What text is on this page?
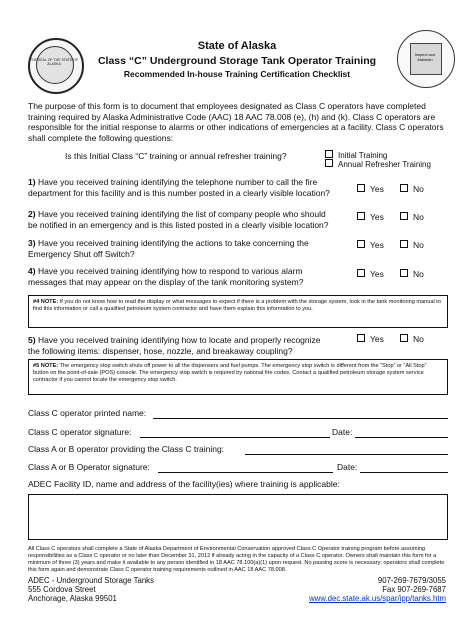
THE SEAL OF THE STATE OF ALASKA
Inspect and Maintain
State of Alaska
Class “C” Underground Storage Tank Operator Training
Recommended In-house Training Certification Checklist
The purpose of this form is to document that employees designated as Class C operators have completed training required by Alaska Administrative Code (AAC) 18 AAC 78.008 (e), (h) and (k). Class C operators are responsible for the initial response to alarms or other indications of emergencies at a facility. Class C operators shall complete the following questions:
Is this Initial Class “C” training or annual refresher training?	Initial Training
Annual Refresher Training
1) Have you received training identifying the telephone number to call the fire department for this facility and is this number posted in a clearly visible location?	Yes	No
2) Have you received training identifying the list of company people who should be notified in an emergency and is this listed posted in a clearly visible location?
Yes	No
3) Have you received training identifying the actions to take concerning the Emergency Shut off Switch?
Yes	No
4) Have you received training identifying how to respond to various alarm messages that may appear on the display of the tank monitoring system?
Yes	No
#4 NOTE: If you do not know how to read the display or what messages to expect if there is a problem with the storage system, look in the tank monitoring manual to find this information or call a qualified petroleum system contractor and have them explain this information to you.
5) Have you received training identifying how to locate and properly recognize the following items: dispenser, hose, nozzle, and breakaway coupling?
Yes	No
#5 NOTE: The emergency stop switch shuts off power to all the dispensers and fuel pumps. The emergency stop switch is different from the “Stop” or “All Stop” button on the point-of-sale (POS) console. The emergency stop switch is required by national fire codes. Contact a qualified petroleum storage system service contractor if you cannot locate the emergency stop switch.
Class C operator printed name:
Class C operator signature:	Date:
Class A or B operator providing the Class C training:
Class A or B Operator signature:	Date:
ADEC Facility ID, name and address of the facility(ies) where training is applicable:
All Class C operators shall complete a State of Alaska Department of Environmental Conservation approved Class C Operator training program before assuming responsibilities as a Class C operator or no later than December 31, 2012 if already acting in the capacity of a Class C operator. Owners shall maintain this form for a minimum of three (3) years and make it available to any person identified in 18 AAC 78.100(a)(1) upon request. No passing score is necessary; operators shall complete this form again and demonstrate Class C operator training requirements outlined in AAC 18 AAC 78.008.
ADEC - Underground Storage Tanks
555 Cordova Street
Anchorage, Alaska 99501
907-269-7679/3055
Fax 907-269-7687
www.dec.state.ak.us/spar/ipp/tanks.htm
